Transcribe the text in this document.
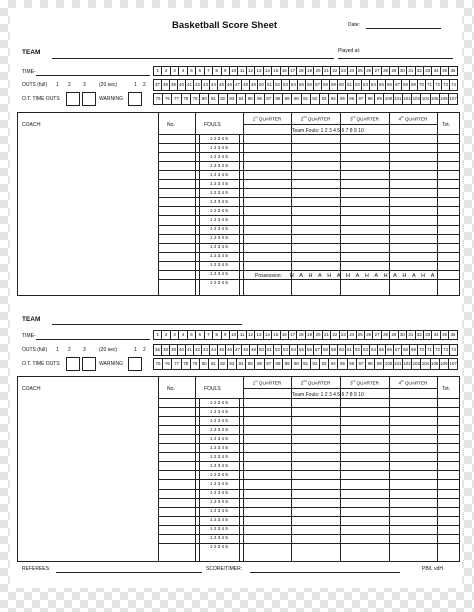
Basketball Score Sheet	Date:
TEAM	Played at:
TIME-	1	2	3	4	5	6	7	8	9	10 11 12 13 14 15 16 17 18 19 20 21 22 23 24 25 26 27 28 29 30 31 32 33 34 35 36
OUTS (full) 1 2 3	(20 sec)	1 2 37 38 39 40 41 42 43 44 45 46 47 48 49 50 51 52 53 54 55 56 57 58 59 60 61 62 63 64 65 66 67 68 69 70 71 72 73 74
75 76 77 78 79 80 81 82 83 84 85 86 87 88 89 90 91 92 93 94 95 96 97 98 99 100 101 102 103 104 105 106 107
O.T. TIME OUTS	WARNING
COACH:	No.	FOULS	Tot.
Team Fouls: 1 2 3 4 5 6 7 8 9 10
Possession:	H	A	H	A	H	A	H	A	H	A	H	A	H	A	H	A
1st QUARTER	2nd QUARTER	3rd QUARTER	4th QUARTER
1 2 3 4 5
1 2 3 4 5
1 2 3 4 5
1 2 3 4 5
1 2 3 4 5
1 2 3 4 5
1 2 3 4 5
1 2 3 4 5
1 2 3 4 5
1 2 3 4 5
1 2 3 4 5
1 2 3 4 5
1 2 3 4 5
1 2 3 4 5
1 2 3 4 5
1 2 3 4 5
1 2 3 4 5
TEAM
TIME-	1	2	3	4	5	6	7	8	9	10 11 12 13 14 15 16 17 18 19 20 21 22 23 24 25 26 27 28 29 30 31 32 33 34 35 36
OUTS (full) 1 2 3	(20 sec)	1 2 36 38 39 40 41 42 43 44 45 46 47 48 49 50 51 52 53 54 55 56 57 58 59 60 61 62 63 64 65 66 67 68 69 70 71 72 73 74
75 76 77 78 79 80 81 82 83 84 85 86 87 88 89 90 91 92 93 94 95 96 97 98 99 100 101 102 103 104 105 106 107
O.T. TIME OUTS	WARNING
COACH:	No.	FOULS	Tot.
Team Fouls: 1 2 3 4 5 6 7 8 9 10
1st QUARTER	2nd QUARTER	3rd QUARTER	4th QUARTER
1 2 3 4 5
1 2 3 4 5
1 2 3 4 5
1 2 3 4 5
1 2 3 4 5
1 2 3 4 5
1 2 3 4 5
1 2 3 4 5
1 2 3 4 5
1 2 3 4 5
1 2 3 4 5
1 2 3 4 5
1 2 3 4 5
1 2 3 4 5
1 2 3 4 5
1 2 3 4 5
1 2 3 4 5
REFEREES:	SCORE/TIMER:	PB/L vdH
